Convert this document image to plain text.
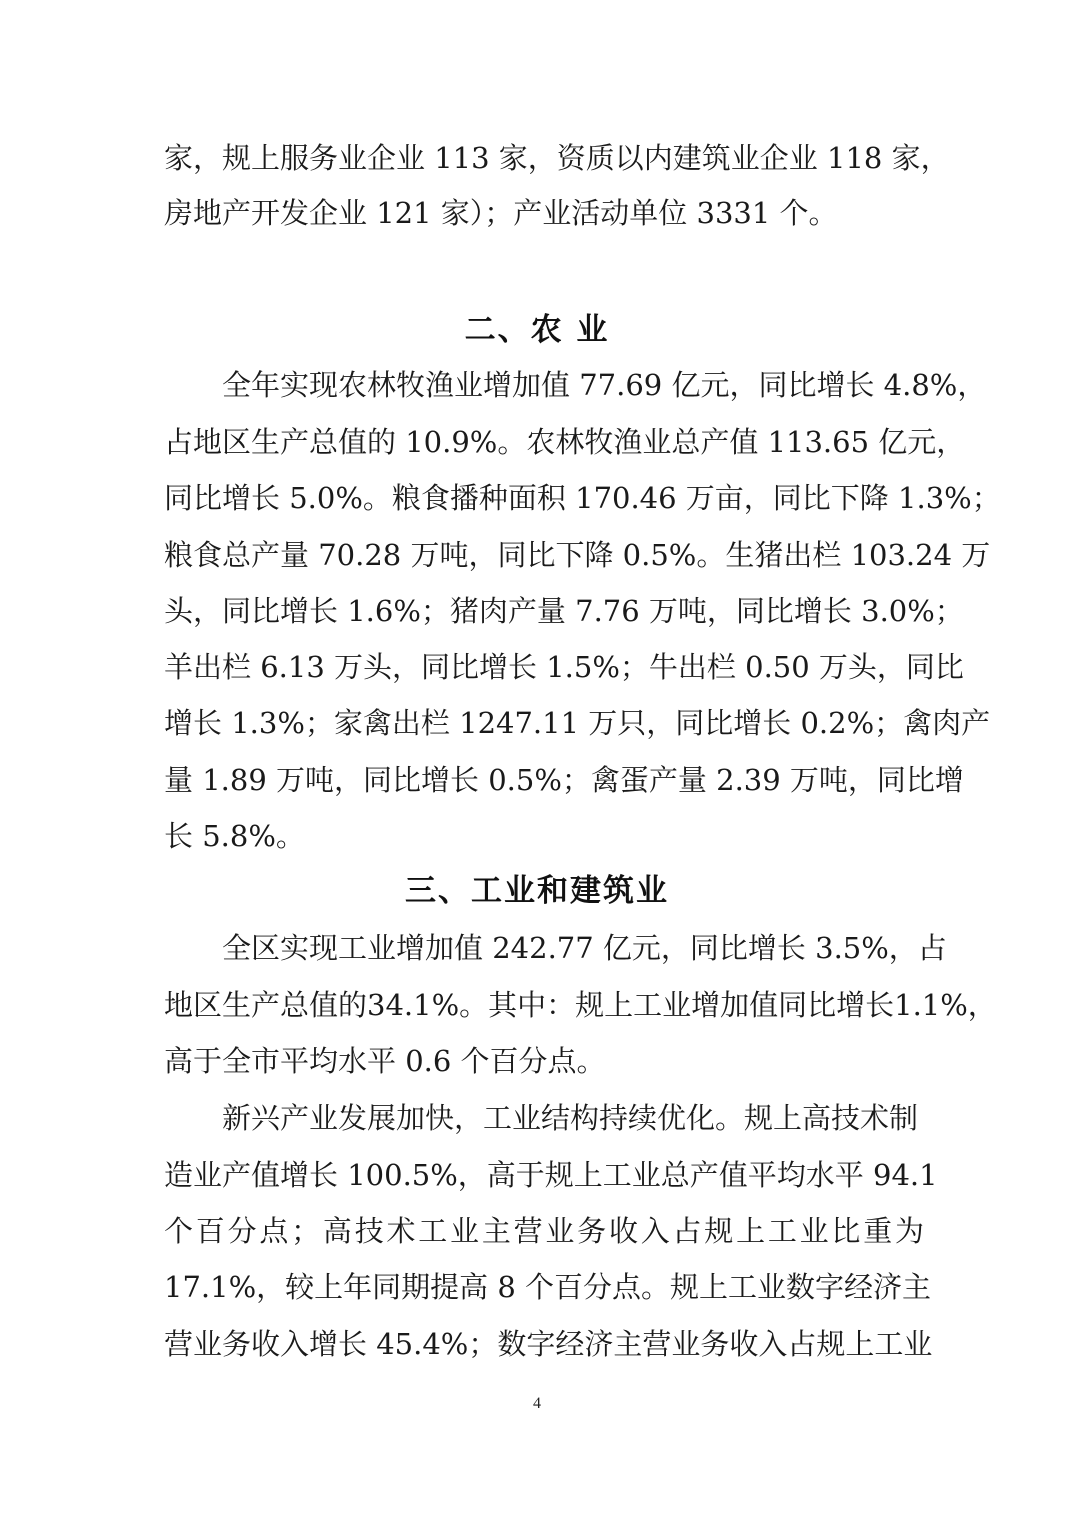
家，规上服务业企业 113 家，资质以内建筑业企业 118 家，
房地产开发企业 121 家）；产业活动单位 3331 个。
二、农 业
全年实现农林牧渔业增加值 77.69 亿元，同比增长 4.8%，
占地区生产总值的 10.9%。农林牧渔业总产值 113.65 亿元，
同比增长 5.0%。粮食播种面积 170.46 万亩，同比下降 1.3%；
粮食总产量 70.28 万吨，同比下降 0.5%。生猪出栏 103.24 万
头，同比增长 1.6%；猪肉产量 7.76 万吨，同比增长 3.0%；
羊出栏 6.13 万头，同比增长 1.5%；牛出栏 0.50 万头，同比
增长 1.3%；家禽出栏 1247.11 万只，同比增长 0.2%；禽肉产
量 1.89 万吨，同比增长 0.5%；禽蛋产量 2.39 万吨，同比增
长 5.8%。
三、工业和建筑业
全区实现工业增加值 242.77 亿元，同比增长 3.5%，占
地区生产总值的34.1%。其中：规上工业增加值同比增长1.1%，
高于全市平均水平 0.6 个百分点。
新兴产业发展加快，工业结构持续优化。规上高技术制
造业产值增长 100.5%，高于规上工业总产值平均水平 94.1
个百分点；高技术工业主营业务收入占规上工业比重为
17.1%，较上年同期提高 8 个百分点。规上工业数字经济主
营业务收入增长 45.4%；数字经济主营业务收入占规上工业
4
